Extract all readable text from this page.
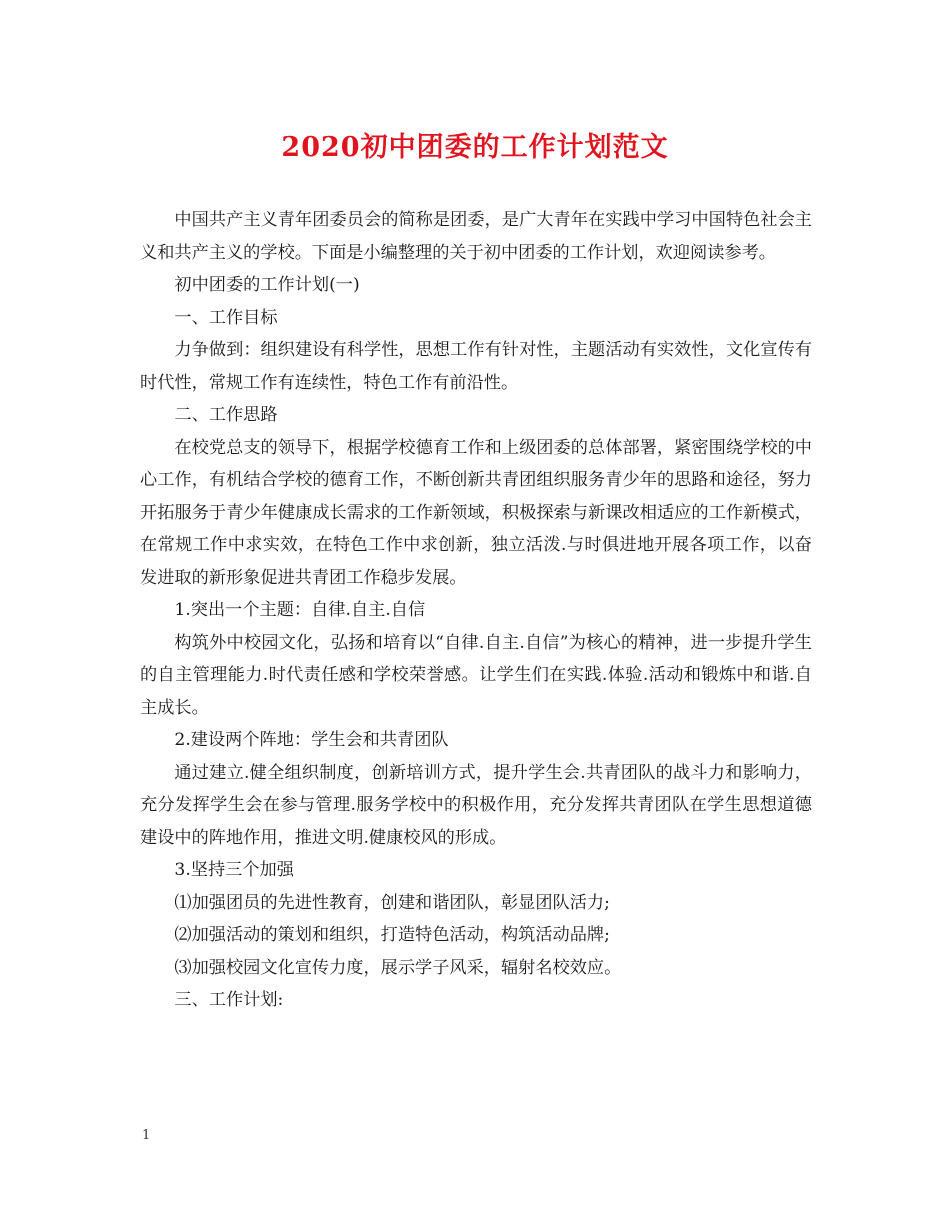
2020初中团委的工作计划范文

中国共产主义青年团委员会的简称是团委，是广大青年在实践中学习中国特色社会主义和共产主义的学校。下面是小编整理的关于初中团委的工作计划，欢迎阅读参考。

初中团委的工作计划(一)

一、工作目标

力争做到：组织建设有科学性，思想工作有针对性，主题活动有实效性，文化宣传有时代性，常规工作有连续性，特色工作有前沿性。

二、工作思路

在校党总支的领导下，根据学校德育工作和上级团委的总体部署，紧密围绕学校的中心工作，有机结合学校的德育工作，不断创新共青团组织服务青少年的思路和途径，努力开拓服务于青少年健康成长需求的工作新领域，积极探索与新课改相适应的工作新模式，在常规工作中求实效，在特色工作中求创新，独立活泼.与时俱进地开展各项工作，以奋发进取的新形象促进共青团工作稳步发展。

1.突出一个主题：自律.自主.自信

构筑外中校园文化，弘扬和培育以“自律.自主.自信”为核心的精神，进一步提升学生的自主管理能力.时代责任感和学校荣誉感。让学生们在实践.体验.活动和锻炼中和谐.自主成长。

2.建设两个阵地：学生会和共青团队

通过建立.健全组织制度，创新培训方式，提升学生会.共青团队的战斗力和影响力，充分发挥学生会在参与管理.服务学校中的积极作用，充分发挥共青团队在学生思想道德建设中的阵地作用，推进文明.健康校风的形成。

3.坚持三个加强

⑴加强团员的先进性教育，创建和谐团队，彰显团队活力;

⑵加强活动的策划和组织，打造特色活动，构筑活动品牌;

⑶加强校园文化宣传力度，展示学子风采，辐射名校效应。

三、工作计划:

1
